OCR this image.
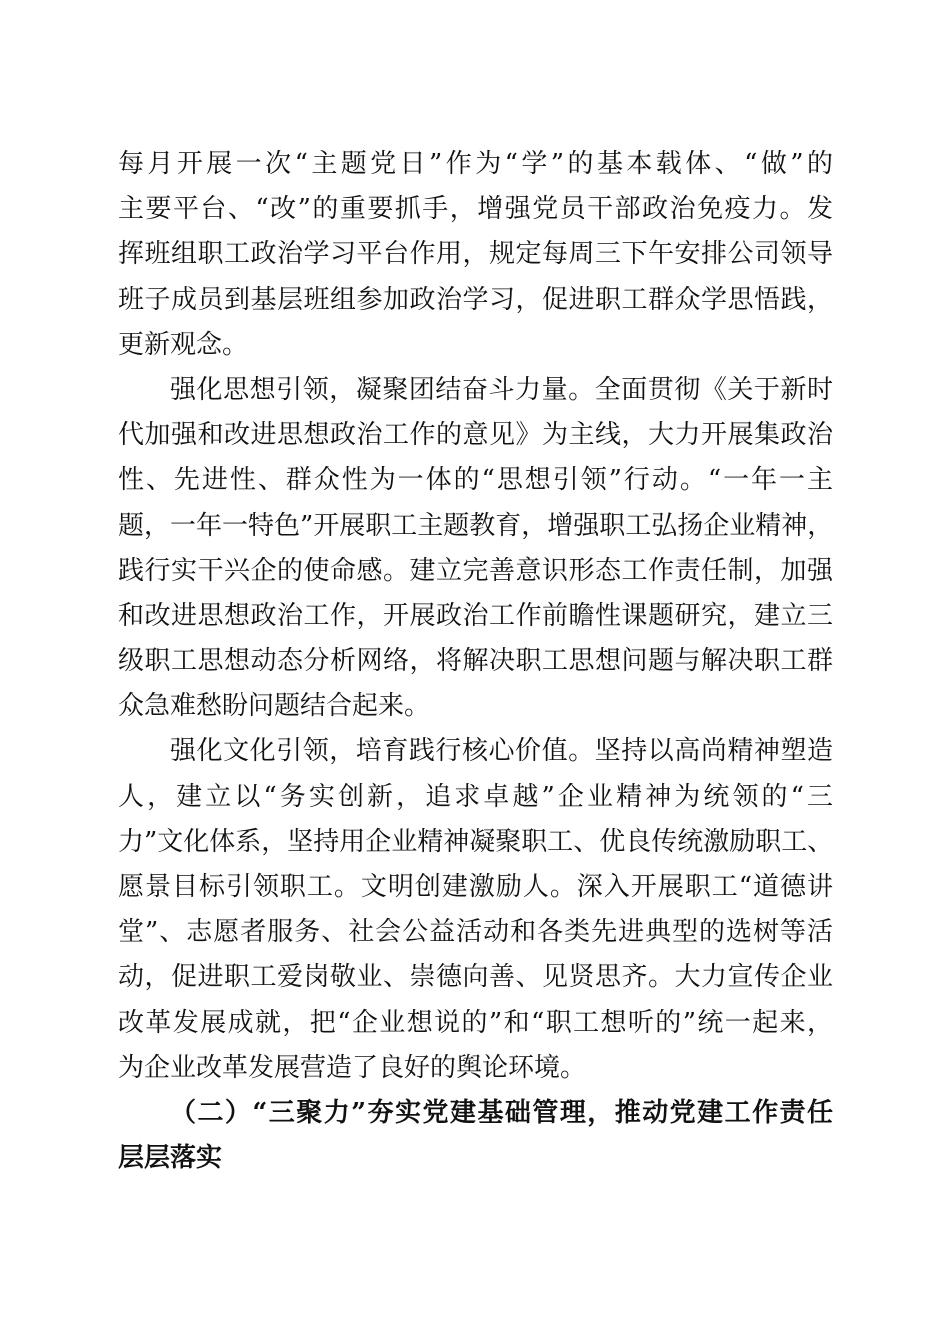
每月开展一次“主题党日”作为“学”的基本载体、“做”的
主要平台、“改”的重要抓手，增强党员干部政治免疫力。发
挥班组职工政治学习平台作用，规定每周三下午安排公司领导
班子成员到基层班组参加政治学习，促进职工群众学思悟践，
更新观念。
强化思想引领，凝聚团结奋斗力量。全面贯彻《关于新时
代加强和改进思想政治工作的意见》为主线，大力开展集政治
性、先进性、群众性为一体的“思想引领”行动。“一年一主
题，一年一特色”开展职工主题教育，增强职工弘扬企业精神，
践行实干兴企的使命感。建立完善意识形态工作责任制，加强
和改进思想政治工作，开展政治工作前瞻性课题研究，建立三
级职工思想动态分析网络，将解决职工思想问题与解决职工群
众急难愁盼问题结合起来。
强化文化引领，培育践行核心价值。坚持以高尚精神塑造
人，建立以“务实创新，追求卓越”企业精神为统领的“三
力”文化体系，坚持用企业精神凝聚职工、优良传统激励职工、
愿景目标引领职工。文明创建激励人。深入开展职工“道德讲
堂”、志愿者服务、社会公益活动和各类先进典型的选树等活
动，促进职工爱岗敬业、崇德向善、见贤思齐。大力宣传企业
改革发展成就，把“企业想说的”和“职工想听的”统一起来，
为企业改革发展营造了良好的舆论环境。
（二）“三聚力”夯实党建基础管理，推动党建工作责任
层层落实
